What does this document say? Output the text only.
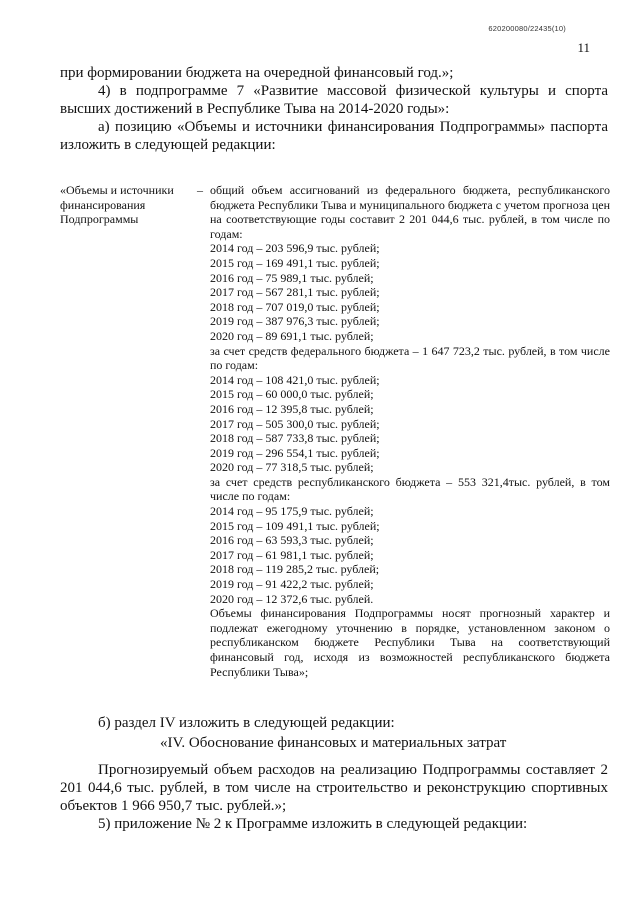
620200080/22435(10)
11

при формировании бюджета на очередной финансовый год.»;

4) в подпрограмме 7 «Развитие массовой физической культуры и спорта высших достижений в Республике Тыва на 2014-2020 годы»:

а) позицию «Объемы и источники финансирования Подпрограммы» паспорта изложить в следующей редакции:

«Объемы и источники финансирования Подпрограммы
– общий объем ассигнований из федерального бюджета, республиканского бюджета Республики Тыва и муниципального бюджета с учетом прогноза цен на соответствующие годы составит 2 201 044,6 тыс. рублей, в том числе по годам:
2014 год – 203 596,9 тыс. рублей;
2015 год – 169 491,1 тыс. рублей;
2016 год – 75 989,1 тыс. рублей;
2017 год – 567 281,1 тыс. рублей;
2018 год – 707 019,0 тыс. рублей;
2019 год – 387 976,3 тыс. рублей;
2020 год – 89 691,1 тыс. рублей;
за счет средств федерального бюджета – 1 647 723,2 тыс. рублей, в том числе по годам:
2014 год – 108 421,0 тыс. рублей;
2015 год – 60 000,0 тыс. рублей;
2016 год – 12 395,8 тыс. рублей;
2017 год – 505 300,0 тыс. рублей;
2018 год – 587 733,8 тыс. рублей;
2019 год – 296 554,1 тыс. рублей;
2020 год – 77 318,5 тыс. рублей;
за счет средств республиканского бюджета – 553 321,4тыс. рублей, в том числе по годам:
2014 год – 95 175,9 тыс. рублей;
2015 год – 109 491,1 тыс. рублей;
2016 год – 63 593,3 тыс. рублей;
2017 год – 61 981,1 тыс. рублей;
2018 год – 119 285,2 тыс. рублей;
2019 год – 91 422,2 тыс. рублей;
2020 год – 12 372,6 тыс. рублей.
Объемы финансирования Подпрограммы носят прогнозный характер и подлежат ежегодному уточнению в порядке, установленном законом о республиканском бюджете Республики Тыва на соответствующий финансовый год, исходя из возможностей республиканского бюджета Республики Тыва»;

б) раздел IV изложить в следующей редакции:

«IV. Обоснование финансовых и материальных затрат

Прогнозируемый объем расходов на реализацию Подпрограммы составляет 2 201 044,6 тыс. рублей, в том числе на строительство и реконструкцию спортивных объектов 1 966 950,7 тыс. рублей.»;

5) приложение № 2 к Программе изложить в следующей редакции:
